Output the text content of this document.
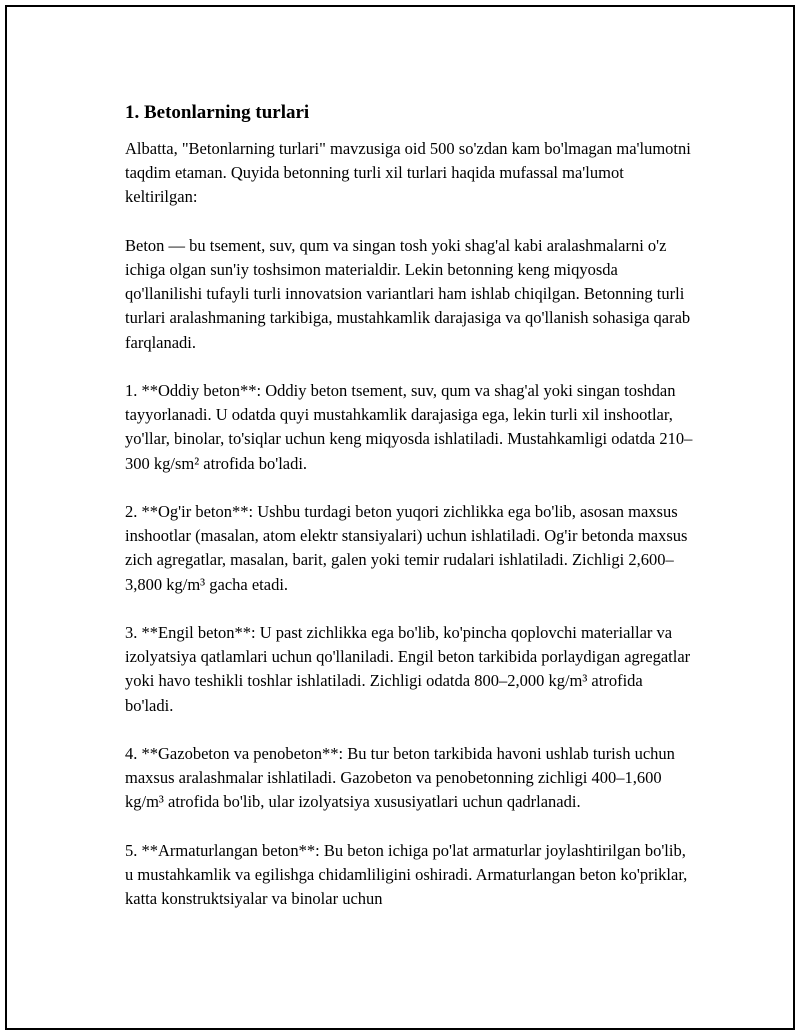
1. Betonlarning turlari

Albatta, "Betonlarning turlari" mavzusiga oid 500 so'zdan kam bo'lmagan ma'lumotni taqdim etaman. Quyida betonning turli xil turlari haqida mufassal ma'lumot keltirilgan:

Beton — bu tsement, suv, qum va singan tosh yoki shag'al kabi aralashmalarni o'z ichiga olgan sun'iy toshsimon materialdir. Lekin betonning keng miqyosda qo'llanilishi tufayli turli innovatsion variantlari ham ishlab chiqilgan. Betonning turli turlari aralashmaning tarkibiga, mustahkamlik darajasiga va qo'llanish sohasiga qarab farqlanadi.

1. **Oddiy beton**: Oddiy beton tsement, suv, qum va shag'al yoki singan toshdan tayyorlanadi. U odatda quyi mustahkamlik darajasiga ega, lekin turli xil inshootlar, yo'llar, binolar, to'siqlar uchun keng miqyosda ishlatiladi. Mustahkamligi odatda 210–300 kg/sm² atrofida bo'ladi.

2. **Og'ir beton**: Ushbu turdagi beton yuqori zichlikka ega bo'lib, asosan maxsus inshootlar (masalan, atom elektr stansiyalari) uchun ishlatiladi. Og'ir betonda maxsus zich agregatlar, masalan, barit, galen yoki temir rudalari ishlatiladi. Zichligi 2,600–3,800 kg/m³ gacha etadi.

3. **Engil beton**: U past zichlikka ega bo'lib, ko'pincha qoplovchi materiallar va izolyatsiya qatlamlari uchun qo'llaniladi. Engil beton tarkibida porlaydigan agregatlar yoki havo teshikli toshlar ishlatiladi. Zichligi odatda 800–2,000 kg/m³ atrofida bo'ladi.

4. **Gazobeton va penobeton**: Bu tur beton tarkibida havoni ushlab turish uchun maxsus aralashmalar ishlatiladi. Gazobeton va penobetonning zichligi 400–1,600 kg/m³ atrofida bo'lib, ular izolyatsiya xususiyatlari uchun qadrlanadi.

5. **Armaturlangan beton**: Bu beton ichiga po'lat armaturlar joylashtirilgan bo'lib, u mustahkamlik va egilishga chidamliligini oshiradi. Armaturlangan beton ko'priklar, katta konstruktsiyalar va binolar uchun
